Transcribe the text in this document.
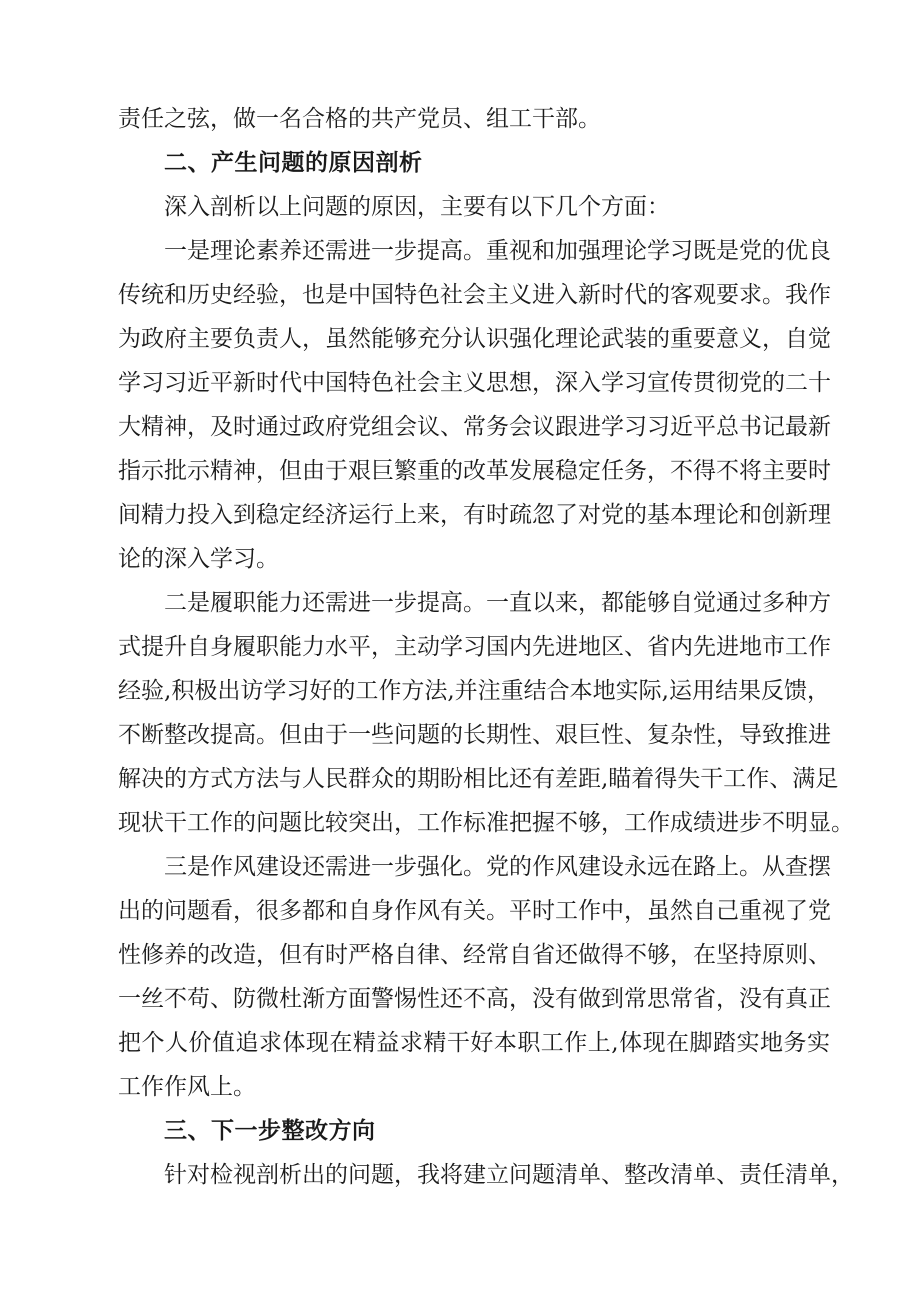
责任之弦，做一名合格的共产党员、组工干部。
二、产生问题的原因剖析
深入剖析以上问题的原因，主要有以下几个方面：
一是理论素养还需进一步提高。重视和加强理论学习既是党的优良
传统和历史经验，也是中国特色社会主义进入新时代的客观要求。我作
为政府主要负责人，虽然能够充分认识强化理论武装的重要意义，自觉
学习习近平新时代中国特色社会主义思想，深入学习宣传贯彻党的二十
大精神，及时通过政府党组会议、常务会议跟进学习习近平总书记最新
指示批示精神，但由于艰巨繁重的改革发展稳定任务，不得不将主要时
间精力投入到稳定经济运行上来，有时疏忽了对党的基本理论和创新理
论的深入学习。
二是履职能力还需进一步提高。一直以来，都能够自觉通过多种方
式提升自身履职能力水平，主动学习国内先进地区、省内先进地市工作
经验,积极出访学习好的工作方法,并注重结合本地实际,运用结果反馈，
不断整改提高。但由于一些问题的长期性、艰巨性、复杂性，导致推进
解决的方式方法与人民群众的期盼相比还有差距,瞄着得失干工作、满足
现状干工作的问题比较突出，工作标准把握不够，工作成绩进步不明显。
三是作风建设还需进一步强化。党的作风建设永远在路上。从查摆
出的问题看，很多都和自身作风有关。平时工作中，虽然自己重视了党
性修养的改造，但有时严格自律、经常自省还做得不够，在坚持原则、
一丝不苟、防微杜渐方面警惕性还不高，没有做到常思常省，没有真正
把个人价值追求体现在精益求精干好本职工作上,体现在脚踏实地务实
工作作风上。
三、下一步整改方向
针对检视剖析出的问题，我将建立问题清单、整改清单、责任清单，
